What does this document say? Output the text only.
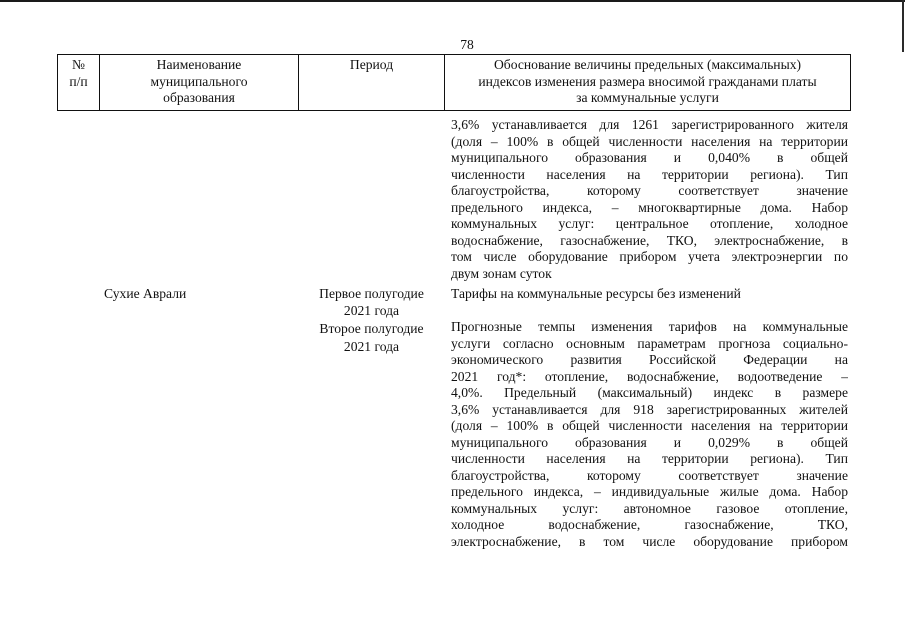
78
№
п/п
Наименование
муниципального
образования
Период	Обоснование величины предельных (максимальных)
индексов изменения размера вносимой гражданами платы
за коммунальные услуги
3,6% устанавливается для 1261 зарегистрированного жителя
(доля – 100% в общей численности населения на территории
муниципального образования и 0,040% в общей
численности населения на территории региона). Тип
благоустройства, которому соответствует значение
предельного индекса, – многоквартирные дома. Набор
коммунальных услуг: центральное отопление, холодное
водоснабжение, газоснабжение, ТКО, электроснабжение, в
том числе оборудование прибором учета электроэнергии по
двум зонам суток
Сухие Аврали	Первое полугодие
2021 года
Второе полугодие
2021 года
Тарифы на коммунальные ресурсы без изменений
Прогнозные темпы изменения тарифов на коммунальные
услуги согласно основным параметрам прогноза социально-
экономического развития Российской Федерации на
2021 год*: отопление, водоснабжение, водоотведение –
4,0%. Предельный (максимальный) индекс в размере
3,6% устанавливается для 918 зарегистрированных жителей
(доля – 100% в общей численности населения на территории
муниципального образования и 0,029% в общей
численности населения на территории региона). Тип
благоустройства, которому соответствует значение
предельного индекса, – индивидуальные жилые дома. Набор
коммунальных услуг: автономное газовое отопление,
холодное водоснабжение, газоснабжение, ТКО,
электроснабжение, в том числе оборудование прибором
